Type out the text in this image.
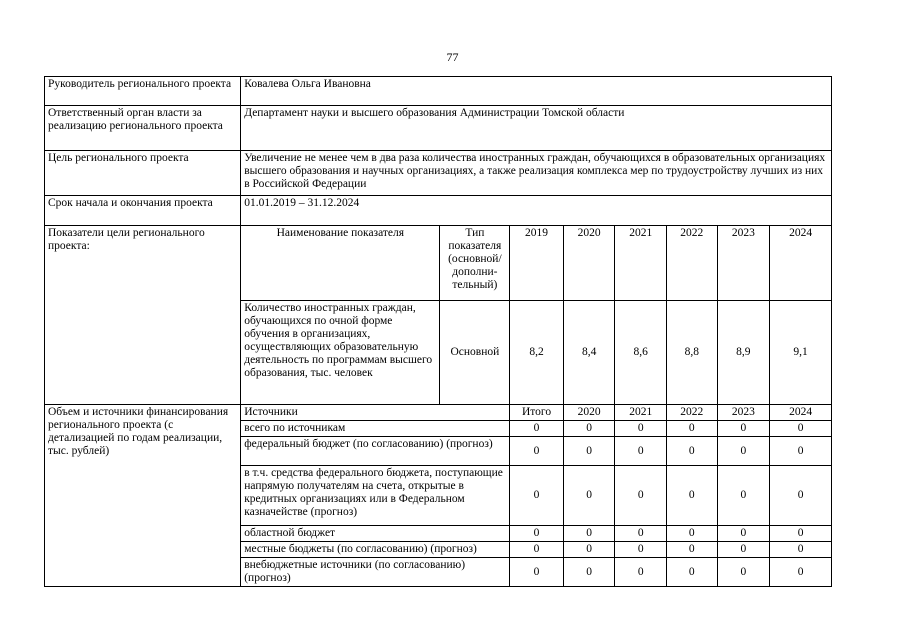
77
Руководитель регионального проекта	Ковалева Ольга Ивановна							
Ответственный орган власти за реализацию регионального проекта	Департамент науки и высшего образования Администрации Томской области							
Цель регионального проекта	Увеличение не менее чем в два раза количества иностранных граждан, обучающихся в образовательных организациях высшего образования и научных организациях, а также реализация комплекса мер по трудоустройству лучших из них в Российской Федерации							
Срок начала и окончания проекта	01.01.2019 – 31.12.2024							
Показатели цели регионального проекта:	Наименование показателя	Тип показателя (основной/ дополни-тельный)	2019	2020	2021	2022	2023	2024
	Количество иностранных граждан, обучающихся по очной форме обучения в организациях, осуществляющих образовательную деятельность по программам высшего образования, тыс. человек	Основной	8,2	8,4	8,6	8,8	8,9	9,1
Объем и источники финансирования регионального проекта (с детализацией по годам реализации, тыс. рублей)	Источники		Итого	2020	2021	2022	2023	2024
	всего по источникам		0	0	0	0	0	0
	федеральный бюджет (по согласованию) (прогноз)		0	0	0	0	0	0
	в т.ч. средства федерального бюджета, поступающие напрямую получателям на счета, открытые в кредитных организациях или в Федеральном казначействе (прогноз)		0	0	0	0	0	0
	областной бюджет		0	0	0	0	0	0
	местные бюджеты (по согласованию) (прогноз)		0	0	0	0	0	0
	внебюджетные источники (по согласованию) (прогноз)		0	0	0	0	0	0
